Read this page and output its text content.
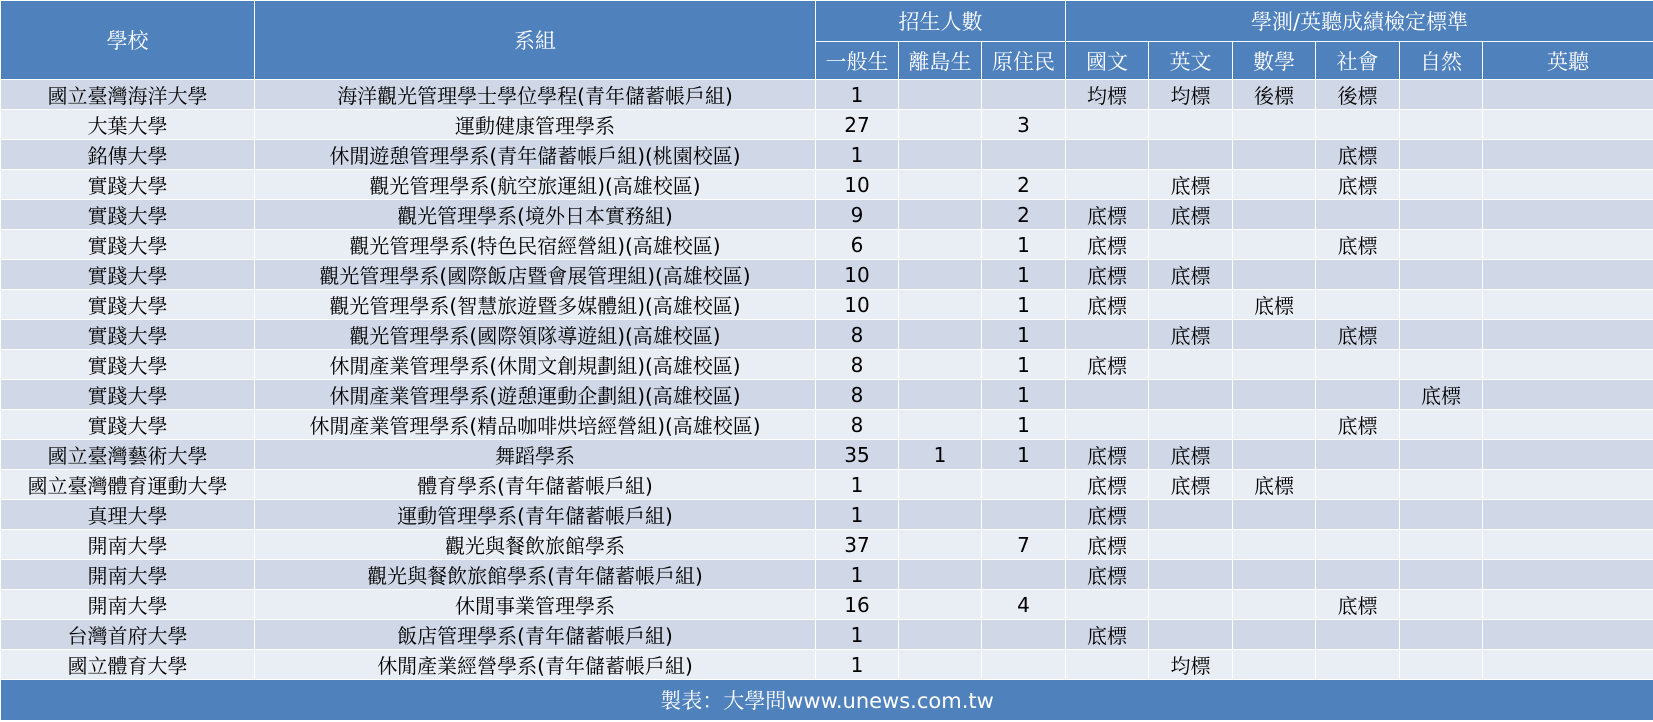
學校	系組	招生人數			學測/英聽成績檢定標準					
		一般生	離島生	原住民	國文	英文	數學	社會	自然	英聽
國立臺灣海洋大學	海洋觀光管理學士學位學程(青年儲蓄帳戶組)	1			均標	均標	後標	後標		
大葉大學	運動健康管理學系	27		3						
銘傳大學	休閒遊憩管理學系(青年儲蓄帳戶組)(桃園校區)	1						底標		
實踐大學	觀光管理學系(航空旅運組)(高雄校區)	10		2		底標		底標		
實踐大學	觀光管理學系(境外日本實務組)	9		2	底標	底標				
實踐大學	觀光管理學系(特色民宿經營組)(高雄校區)	6		1	底標			底標		
實踐大學	觀光管理學系(國際飯店暨會展管理組)(高雄校區)	10		1	底標	底標				
實踐大學	觀光管理學系(智慧旅遊暨多媒體組)(高雄校區)	10		1	底標		底標			
實踐大學	觀光管理學系(國際領隊導遊組)(高雄校區)	8		1		底標		底標		
實踐大學	休閒產業管理學系(休閒文創規劃組)(高雄校區)	8		1	底標					
實踐大學	休閒產業管理學系(遊憩運動企劃組)(高雄校區)	8		1					底標	
實踐大學	休閒產業管理學系(精品咖啡烘培經營組)(高雄校區)	8		1				底標		
國立臺灣藝術大學	舞蹈學系	35	1	1	底標	底標				
國立臺灣體育運動大學	體育學系(青年儲蓄帳戶組)	1			底標	底標	底標			
真理大學	運動管理學系(青年儲蓄帳戶組)	1			底標					
開南大學	觀光與餐飲旅館學系	37		7	底標					
開南大學	觀光與餐飲旅館學系(青年儲蓄帳戶組)	1			底標					
開南大學	休閒事業管理學系	16		4				底標		
台灣首府大學	飯店管理學系(青年儲蓄帳戶組)	1			底標					
國立體育大學	休閒產業經營學系(青年儲蓄帳戶組)	1				均標				
製表：大學問www.unews.com.tw										
